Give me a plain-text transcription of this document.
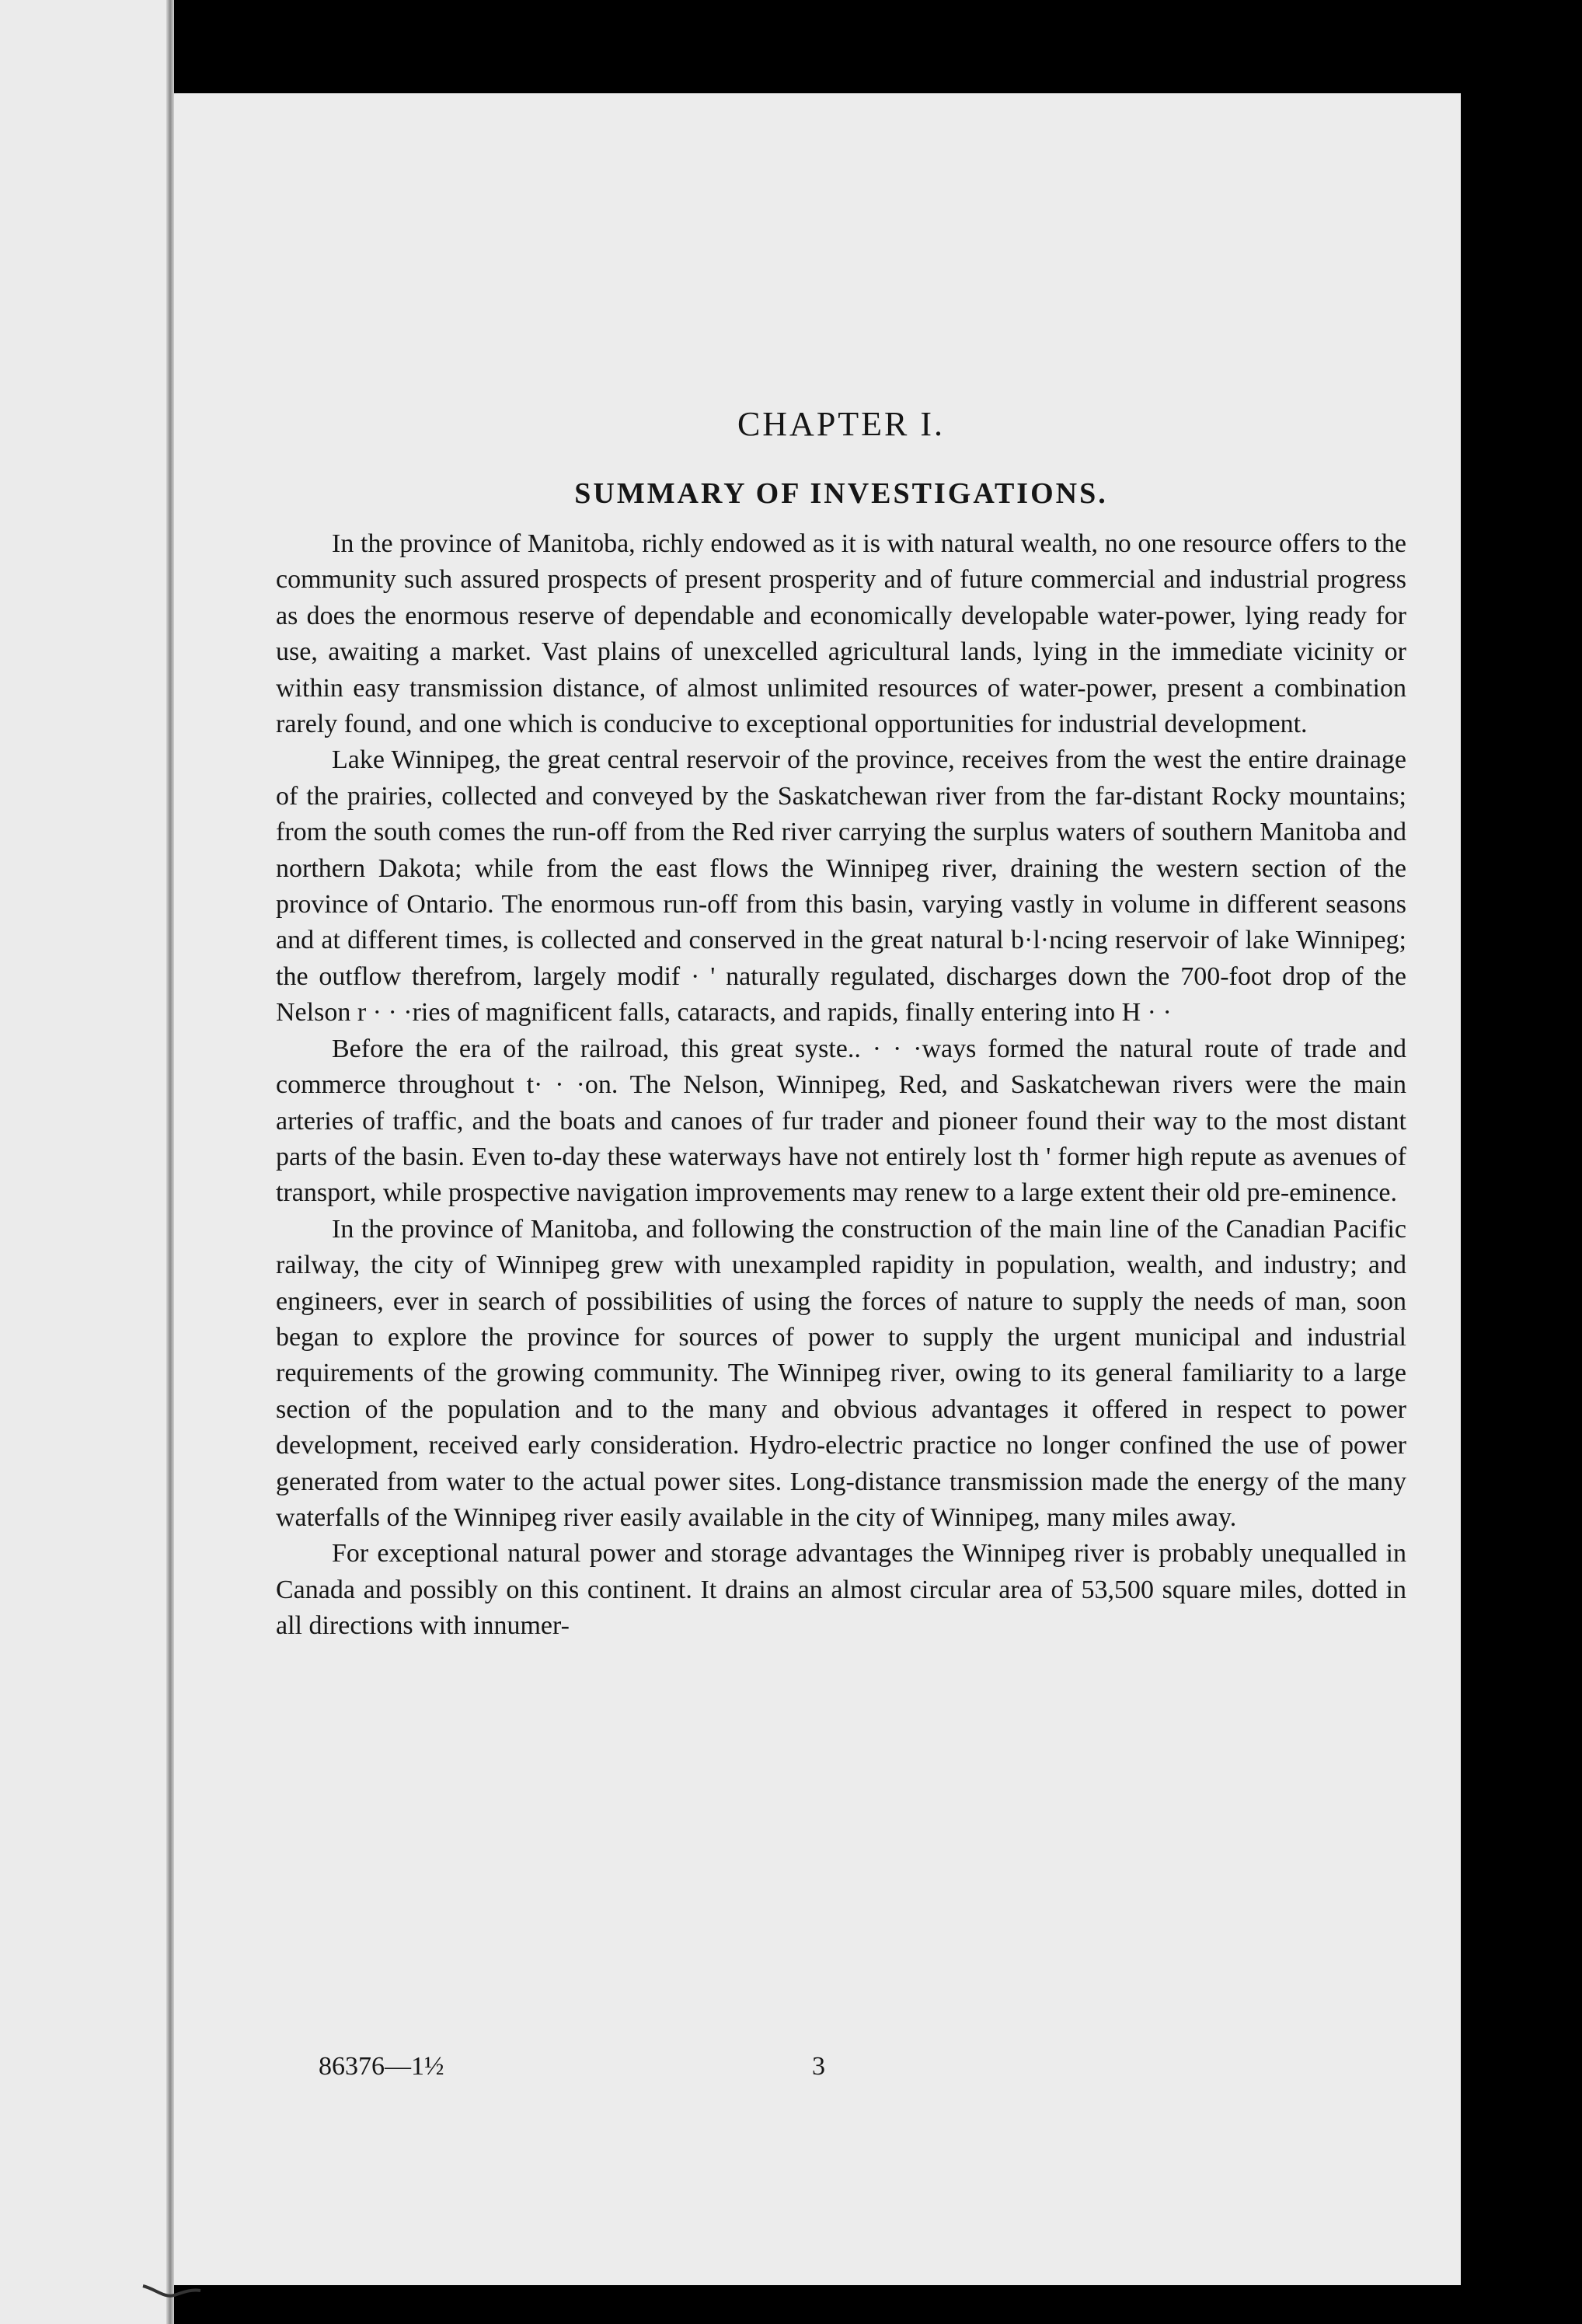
CHAPTER I.
SUMMARY OF INVESTIGATIONS.

In the province of Manitoba, richly endowed as it is with natural wealth, no one resource offers to the community such assured prospects of present prosperity and of future commercial and industrial progress as does the enormous reserve of dependable and economically developable water-power, lying ready for use, awaiting a market. Vast plains of unexcelled agricultural lands, lying in the immediate vicinity or within easy transmission distance, of almost unlimited resources of water-power, present a combination rarely found, and one which is conducive to exceptional opportunities for industrial development.

Lake Winnipeg, the great central reservoir of the province, receives from the west the entire drainage of the prairies, collected and conveyed by the Saskatchewan river from the far-distant Rocky mountains; from the south comes the run-off from the Red river carrying the surplus waters of southern Manitoba and northern Dakota; while from the east flows the Winnipeg river, draining the western section of the province of Ontario. The enormous run-off from this basin, varying vastly in volume in different seasons and at different times, is collected and conserved in the great natural b·l·ncing reservoir of lake Winnipeg; the outflow therefrom, largely modif · ' naturally regulated, discharges down the 700-foot drop of the Nelson r · · ·ries of magnificent falls, cataracts, and rapids, finally entering into H · ·

Before the era of the railroad, this great syste.. · · ·ways formed the natural route of trade and commerce throughout t· · ·on. The Nelson, Winnipeg, Red, and Saskatchewan rivers were the main arteries of traffic, and the boats and canoes of fur trader and pioneer found their way to the most distant parts of the basin. Even to-day these waterways have not entirely lost th ' former high repute as avenues of transport, while prospective navigation improvements may renew to a large extent their old pre-eminence.

In the province of Manitoba, and following the construction of the main line of the Canadian Pacific railway, the city of Winnipeg grew with unexampled rapidity in population, wealth, and industry; and engineers, ever in search of possibilities of using the forces of nature to supply the needs of man, soon began to explore the province for sources of power to supply the urgent municipal and industrial requirements of the growing community. The Winnipeg river, owing to its general familiarity to a large section of the population and to the many and obvious advantages it offered in respect to power development, received early consideration. Hydro-electric practice no longer confined the use of power generated from water to the actual power sites. Long-distance transmission made the energy of the many waterfalls of the Winnipeg river easily available in the city of Winnipeg, many miles away.

For exceptional natural power and storage advantages the Winnipeg river is probably unequalled in Canada and possibly on this continent. It drains an almost circular area of 53,500 square miles, dotted in all directions with innumer-

86376—1½	3
